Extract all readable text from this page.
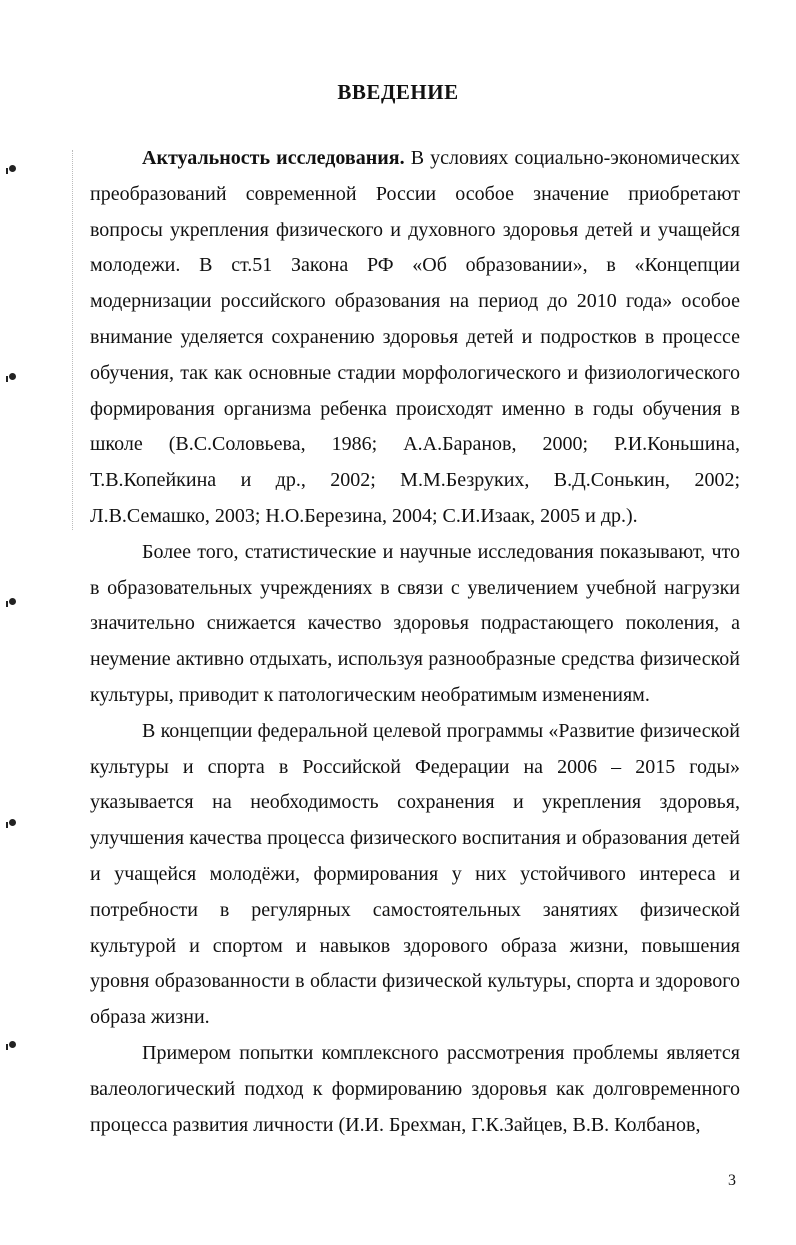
ВВЕДЕНИЕ

Актуальность исследования. В условиях социально-экономических преобразований современной России особое значение приобретают вопросы укрепления физического и духовного здоровья детей и учащейся молодежи. В ст.51 Закона РФ «Об образовании», в «Концепции модернизации российского образования на период до 2010 года» особое внимание уделяется сохранению здоровья детей и подростков в процессе обучения, так как основные стадии морфологического и физиологического формирования организма ребенка происходят именно в годы обучения в школе (В.С.Соловьева, 1986; А.А.Баранов, 2000; Р.И.Коньшина, Т.В.Копейкина и др., 2002; М.М.Безруких, В.Д.Сонькин, 2002; Л.В.Семашко, 2003; Н.О.Березина, 2004; С.И.Изаак, 2005 и др.).

Более того, статистические и научные исследования показывают, что в образовательных учреждениях в связи с увеличением учебной нагрузки значительно снижается качество здоровья подрастающего поколения, а неумение активно отдыхать, используя разнообразные средства физической культуры, приводит к патологическим необратимым изменениям.

В концепции федеральной целевой программы «Развитие физической культуры и спорта в Российской Федерации на 2006 – 2015 годы» указывается на необходимость сохранения и укрепления здоровья, улучшения качества процесса физического воспитания и образования детей и учащейся молодёжи, формирования у них устойчивого интереса и потребности в регулярных самостоятельных занятиях физической культурой и спортом и навыков здорового образа жизни, повышения уровня образованности в области физической культуры, спорта и здорового образа жизни.

Примером попытки комплексного рассмотрения проблемы является валеологический подход к формированию здоровья как долговременного процесса развития личности (И.И. Брехман, Г.К.Зайцев, В.В. Колбанов,

3
